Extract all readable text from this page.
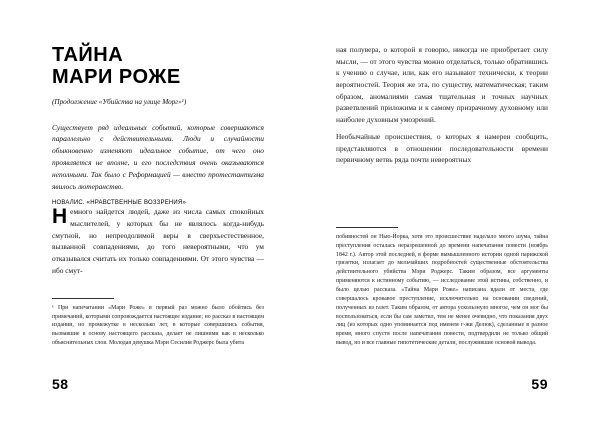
ТАЙНА
МАРИ РОЖЕ

(Продолжение «Убийства на улице Морг»¹)

Существует ряд идеальных событий, которые совершаются параллельно с действительными. Люди и случайности обыкновенно изменяют идеальное событие, от чего оно проявляется не вполне, и его последствия очень оказываются неполными. Так было с Реформацией — вместо протестантизма явилось лютеранство.

НОВАЛИС. «НРАВСТВЕННЫЕ ВОЗЗРЕНИЯ»

Немного найдется людей, даже из числа самых спокойных мыслителей, у которых бы не являлось когда-нибудь смутной, но непреодолимой веры в сверхъестественное, вызванной совпадениями, до того невероятными, что ум отказывался считать их только совпадениями. От этого чувства — ибо смут-

¹ При напечатании «Мари Роже» в первый раз можно было обойтись без примечаний, которыми сопровождается настоящее издание; но рассказ в настоящем издании, но промежутке в несколько лет, в которые совершились события, вызвавшие в основу настоящего рассказа, делает не лишними как в несколько объяснительных слов. Молодая девушка Мэри Сесилия Роджерс была убита

58

ная полувера, о которой я говорю, никогда не приобретает силу мысли, — от этого чувства можно отделаться, только обратившись к учению о случае, или, как его называют технически, к теории вероятностей. Теория же эта, по существу, математическая; таким образом, аномалиями самая тщательная и точных научных разветвлений приложима и к самому призрачному духовному или наиболее духовным умозрений.

Необычайные происшествия, о которых я намерен сообщить, представляются в отношении последовательности времени первичному ветвь ряда почти невероятных

побивностей он Нью-Йорка, хотя это происшествие наделало много шума, тайна преступления осталась неразрешенной до времени напечатания повести (ноябрь 1842 г.). Автор этой последней, в форме вымышленного истории одной парижской гризетки, излагает до мельчайших подробностей существенные обстоятельства действительного убийства Мэри Роджерс. Таким образом, все аргументы применяются к истинному событию, — исследование этой истины, собственно, и было целью рассказа. «Тайна Мари Роже» написана вдали от места, где совершалось кровавое преступление, исключительно на основании сведений, полученных из газет. Таким образом, от автора ускользнуло многое, чем он мог бы воспользоваться, если бы сам заметил, тем не менее очевидно, что показания двух лиц (из которых одно упоминается под именем г-жи Делюк), сделанные в разное время, много спустя после напечатания повести, подтвердили не только общий вывод, но и все главные гипотетические детали, послужившие основой вывода.

59
